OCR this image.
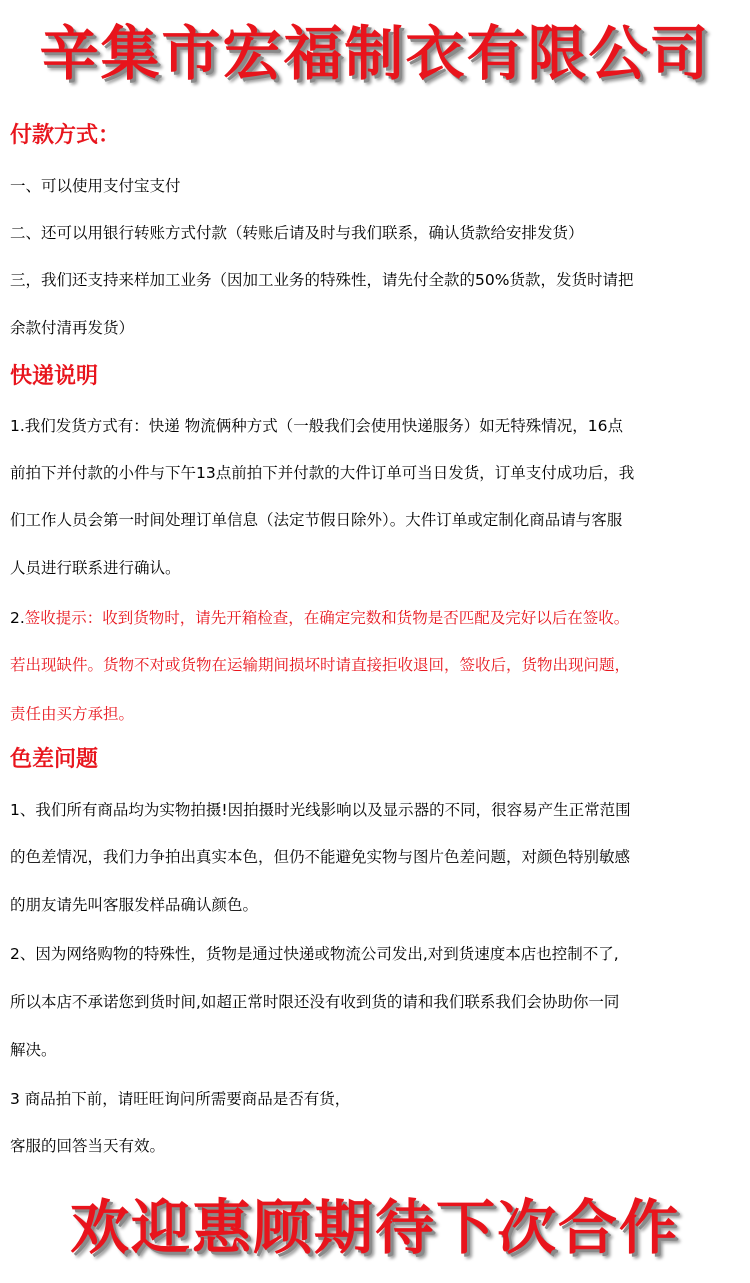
辛集市宏福制衣有限公司
付款方式：
一、可以使用支付宝支付
二、还可以用银行转账方式付款（转账后请及时与我们联系，确认货款给安排发货）
三，我们还支持来样加工业务（因加工业务的特殊性，请先付全款的50%货款，发货时请把
余款付清再发货）
快递说明
1.我们发货方式有：快递 物流俩种方式（一般我们会使用快递服务）如无特殊情况，16点
前拍下并付款的小件与下午13点前拍下并付款的大件订单可当日发货，订单支付成功后，我
们工作人员会第一时间处理订单信息（法定节假日除外）。大件订单或定制化商品请与客服
人员进行联系进行确认。
2.签收提示：收到货物时，请先开箱检查，在确定完数和货物是否匹配及完好以后在签收。
若出现缺件。货物不对或货物在运输期间损坏时请直接拒收退回，签收后，货物出现问题，
责任由买方承担。
色差问题
1、我们所有商品均为实物拍摄!因拍摄时光线影响以及显示器的不同，很容易产生正常范围
的色差情况，我们力争拍出真实本色，但仍不能避免实物与图片色差问题，对颜色特别敏感
的朋友请先叫客服发样品确认颜色。
2、因为网络购物的特殊性，货物是通过快递或物流公司发出,对到货速度本店也控制不了,
所以本店不承诺您到货时间,如超正常时限还没有收到货的请和我们联系我们会协助你一同
解决。
3 商品拍下前，请旺旺询问所需要商品是否有货，
客服的回答当天有效。
欢迎惠顾期待下次合作
